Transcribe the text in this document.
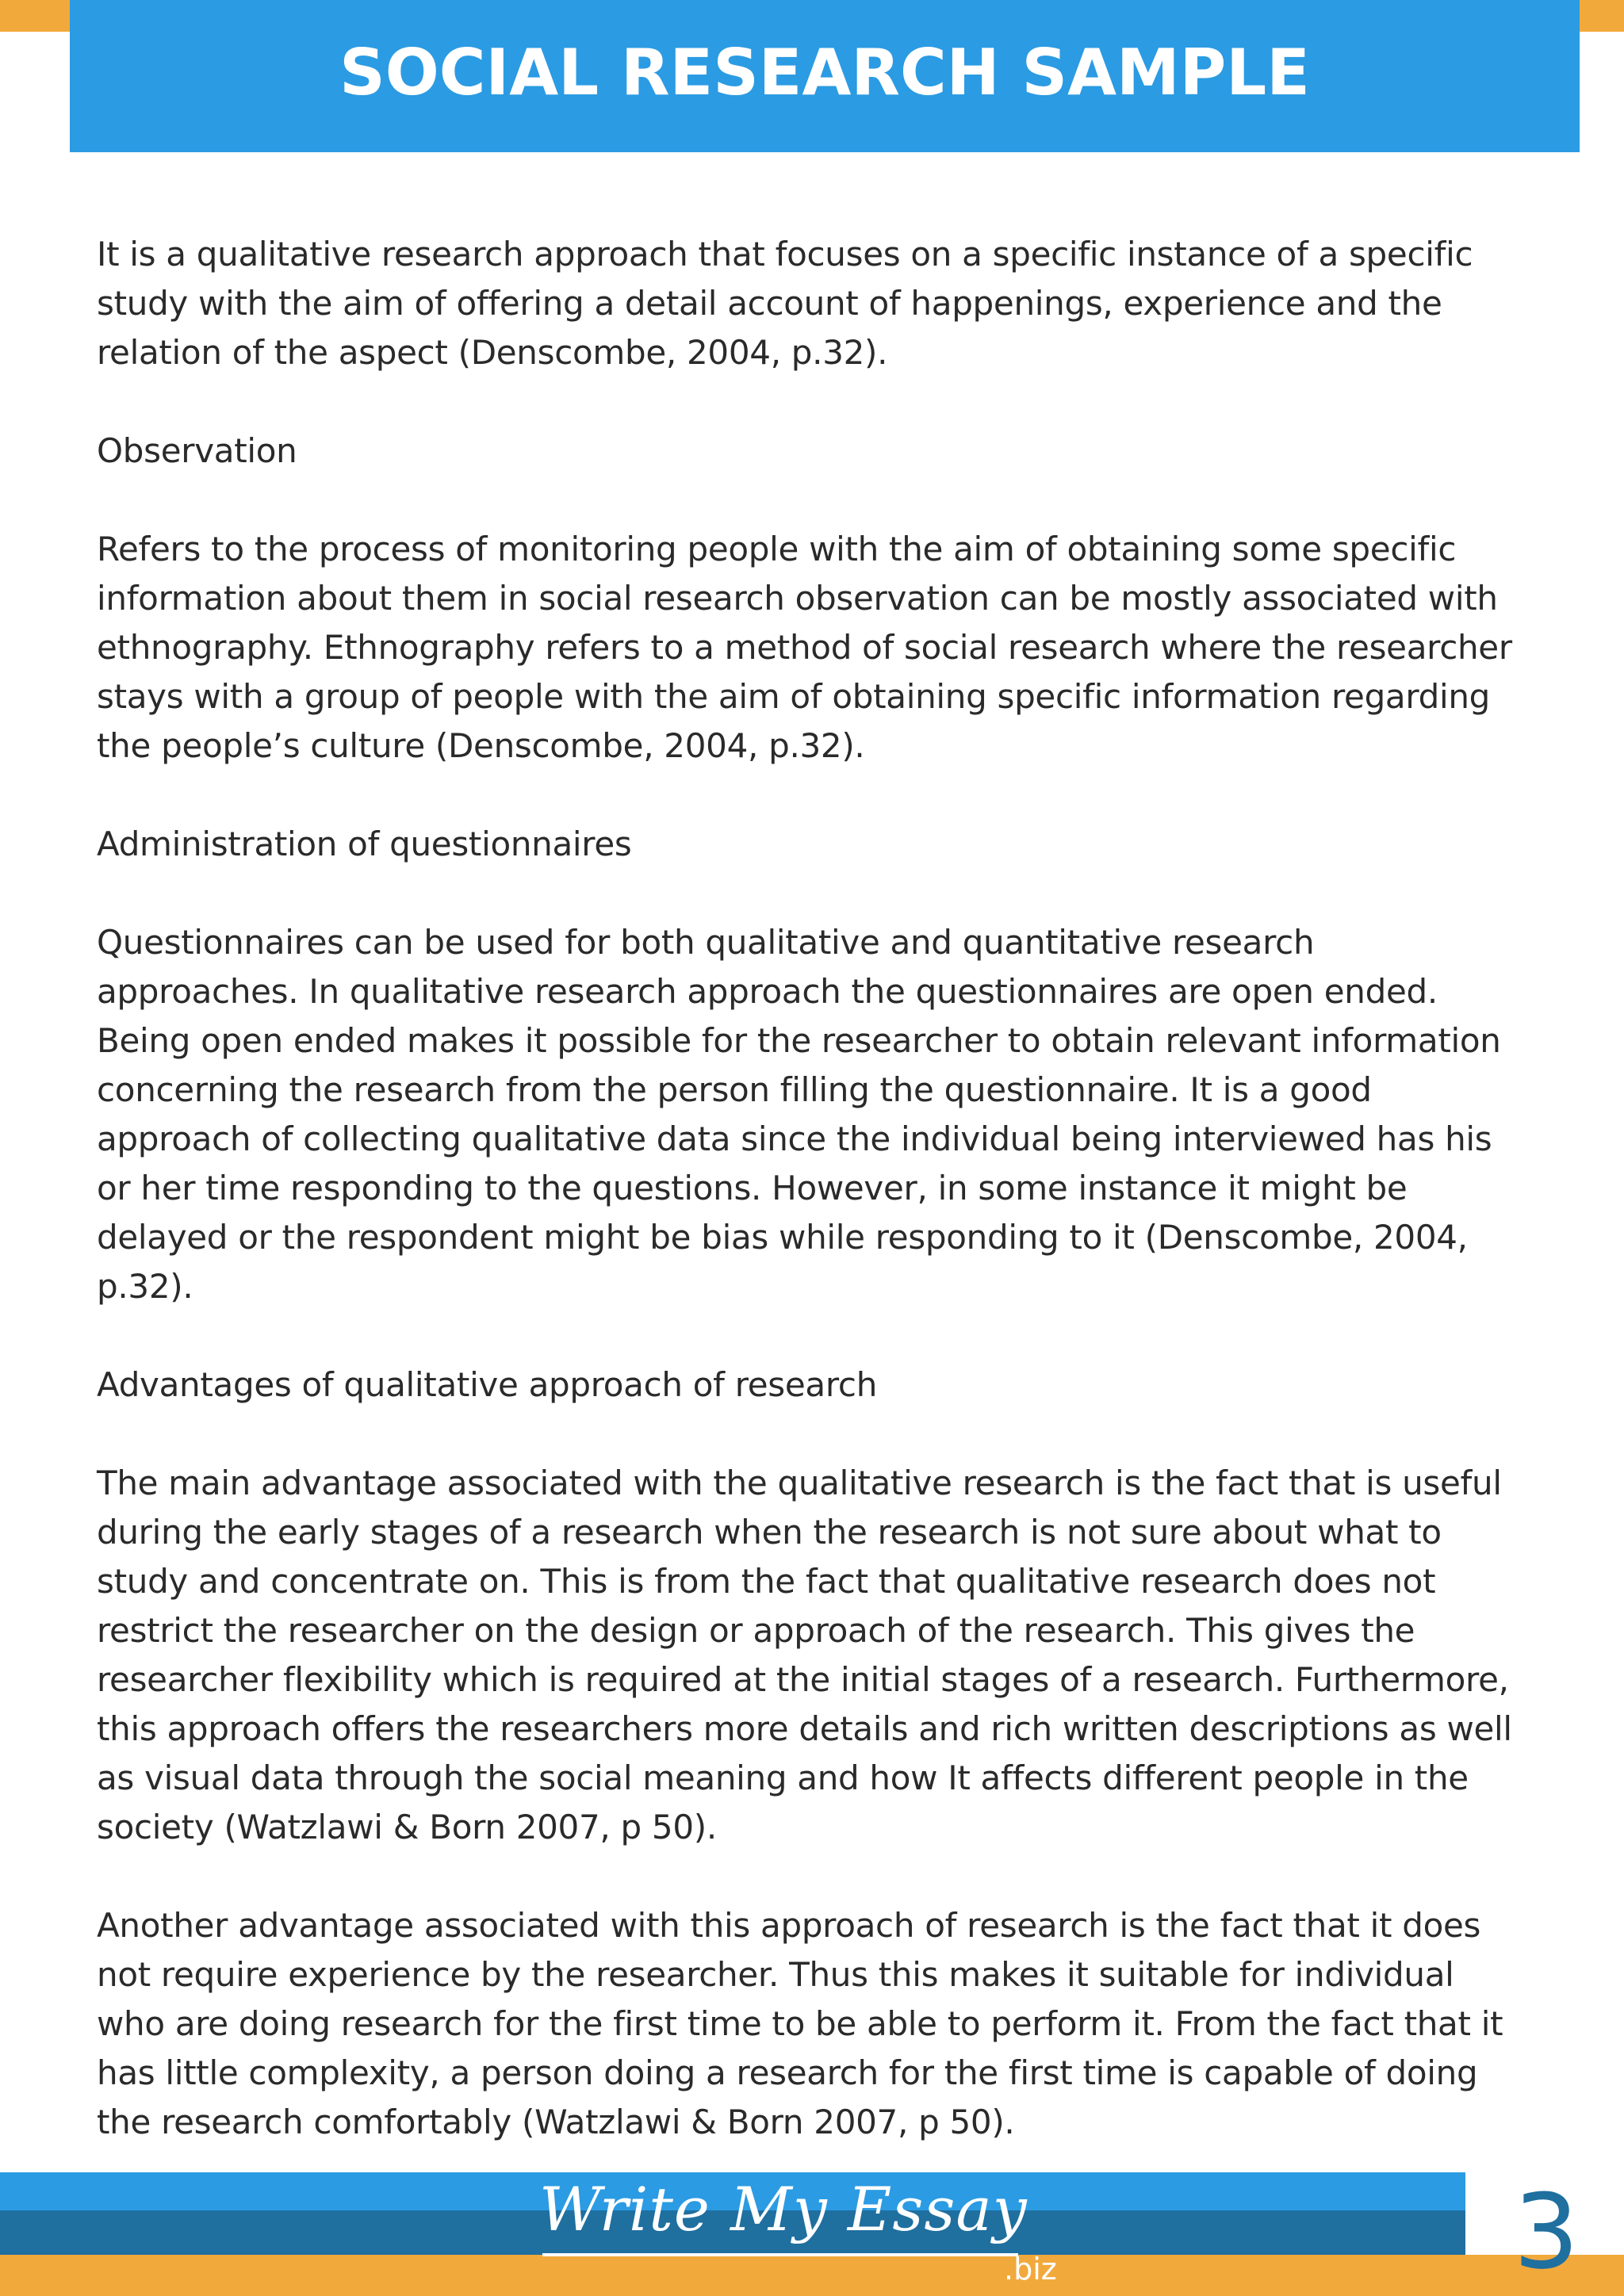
SOCIAL RESEARCH SAMPLE

It is a qualitative research approach that focuses on a specific instance of a specific study with the aim of offering a detail account of happenings, experience and the relation of the aspect (Denscombe, 2004, p.32).

Observation

Refers to the process of monitoring people with the aim of obtaining some specific information about them in social research observation can be mostly associated with ethnography. Ethnography refers to a method of social research where the researcher stays with a group of people with the aim of obtaining specific information regarding the people’s culture (Denscombe, 2004, p.32).

Administration of questionnaires

Questionnaires can be used for both qualitative and quantitative research approaches. In qualitative research approach the questionnaires are open ended. Being open ended makes it possible for the researcher to obtain relevant information concerning the research from the person filling the questionnaire. It is a good approach of collecting qualitative data since the individual being interviewed has his or her time responding to the questions. However, in some instance it might be delayed or the respondent might be bias while responding to it (Denscombe, 2004, p.32).

Advantages of qualitative approach of research

The main advantage associated with the qualitative research is the fact that is useful during the early stages of a research when the research is not sure about what to study and concentrate on. This is from the fact that qualitative research does not restrict the researcher on the design or approach of the research. This gives the researcher flexibility which is required at the initial stages of a research. Furthermore, this approach offers the researchers more details and rich written descriptions as well as visual data through the social meaning and how It affects different people in the society (Watzlawi & Born 2007, p 50).

Another advantage associated with this approach of research is the fact that it does not require experience by the researcher. Thus this makes it suitable for individual who are doing research for the first time to be able to perform it. From the fact that it has little complexity, a person doing a research for the first time is capable of doing the research comfortably (Watzlawi & Born 2007, p 50).

Write My Essay
.biz	3
